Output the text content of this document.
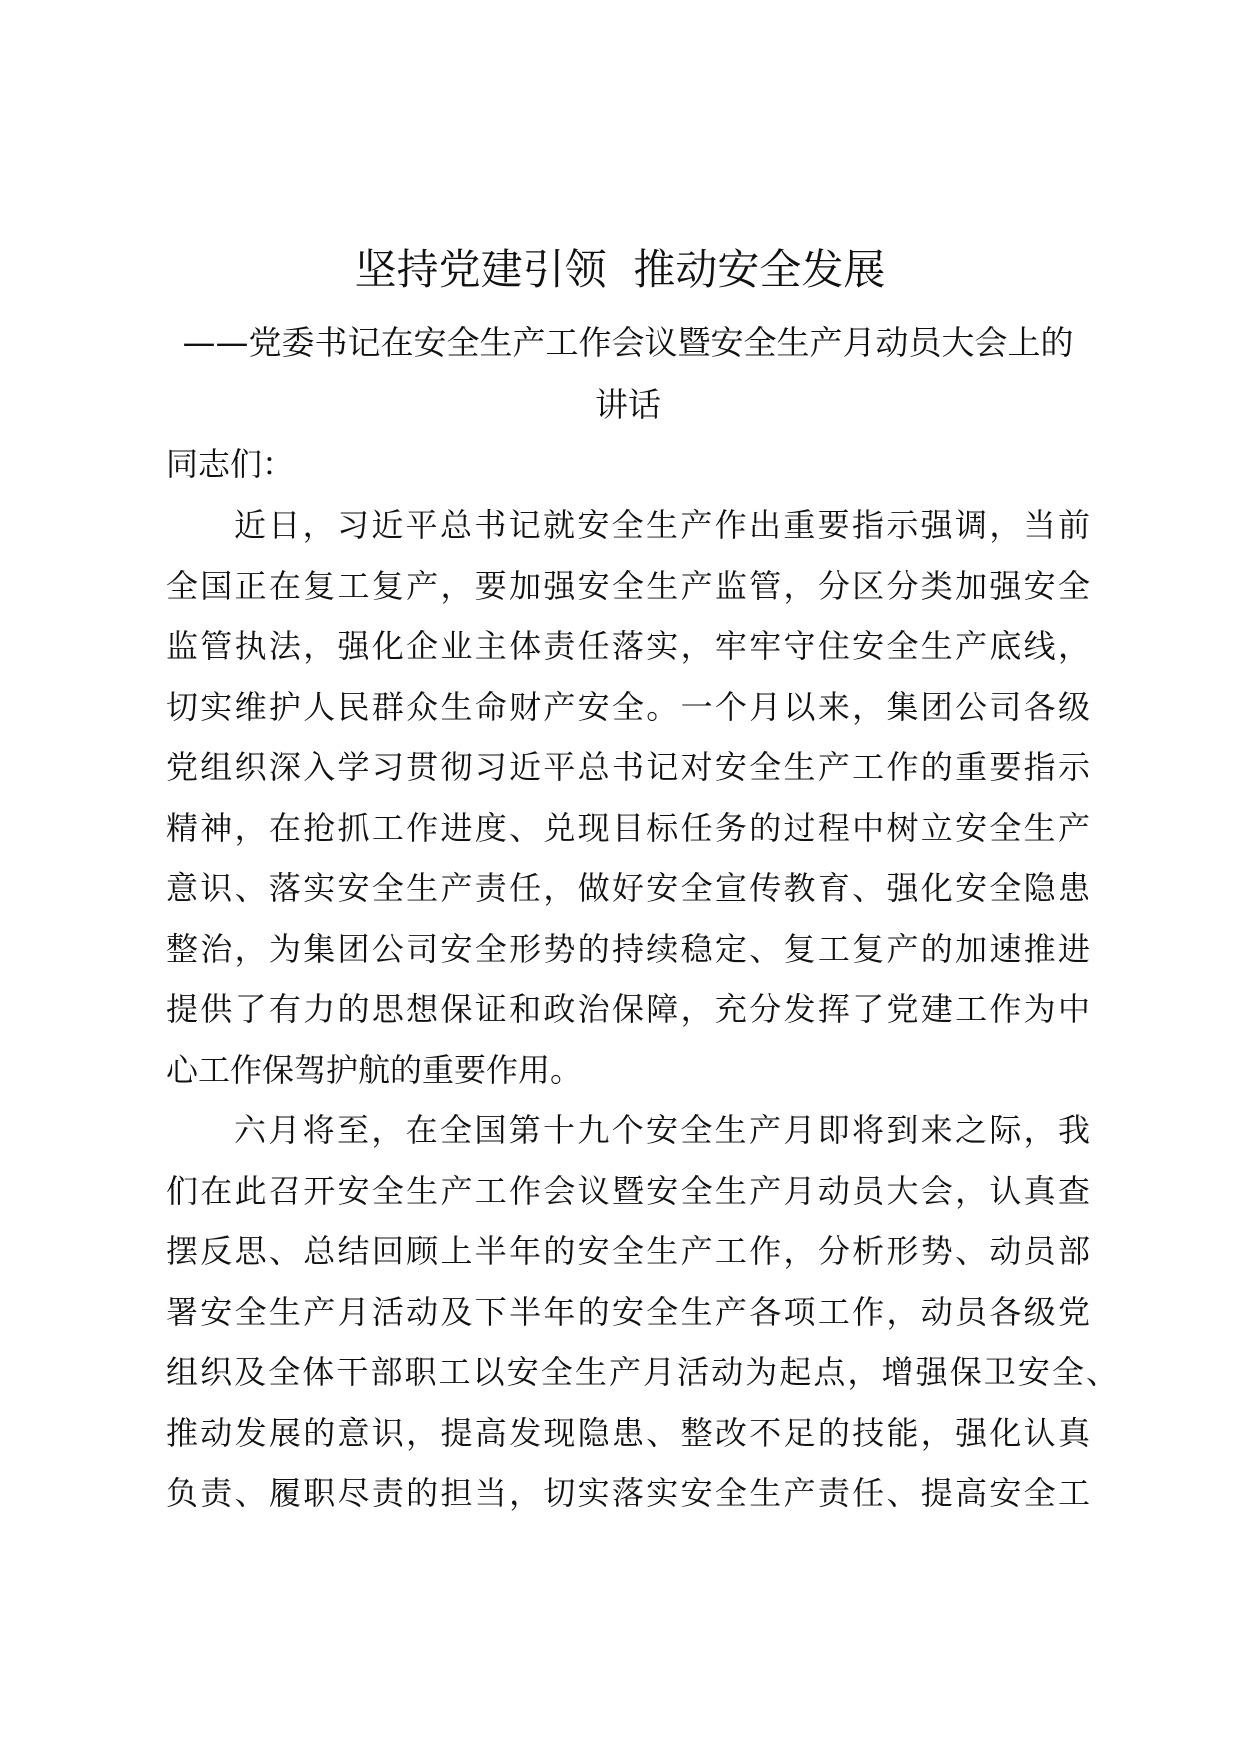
坚持党建引领  推动安全发展
——党委书记在安全生产工作会议暨安全生产月动员大会上的
讲话
同志们：
近日，习近平总书记就安全生产作出重要指示强调，当前
全国正在复工复产，要加强安全生产监管，分区分类加强安全
监管执法，强化企业主体责任落实，牢牢守住安全生产底线，
切实维护人民群众生命财产安全。一个月以来，集团公司各级
党组织深入学习贯彻习近平总书记对安全生产工作的重要指示
精神，在抢抓工作进度、兑现目标任务的过程中树立安全生产
意识、落实安全生产责任，做好安全宣传教育、强化安全隐患
整治，为集团公司安全形势的持续稳定、复工复产的加速推进
提供了有力的思想保证和政治保障，充分发挥了党建工作为中
心工作保驾护航的重要作用。
六月将至，在全国第十九个安全生产月即将到来之际，我
们在此召开安全生产工作会议暨安全生产月动员大会，认真查
摆反思、总结回顾上半年的安全生产工作，分析形势、动员部
署安全生产月活动及下半年的安全生产各项工作，动员各级党
组织及全体干部职工以安全生产月活动为起点，增强保卫安全、
推动发展的意识，提高发现隐患、整改不足的技能，强化认真
负责、履职尽责的担当，切实落实安全生产责任、提高安全工
